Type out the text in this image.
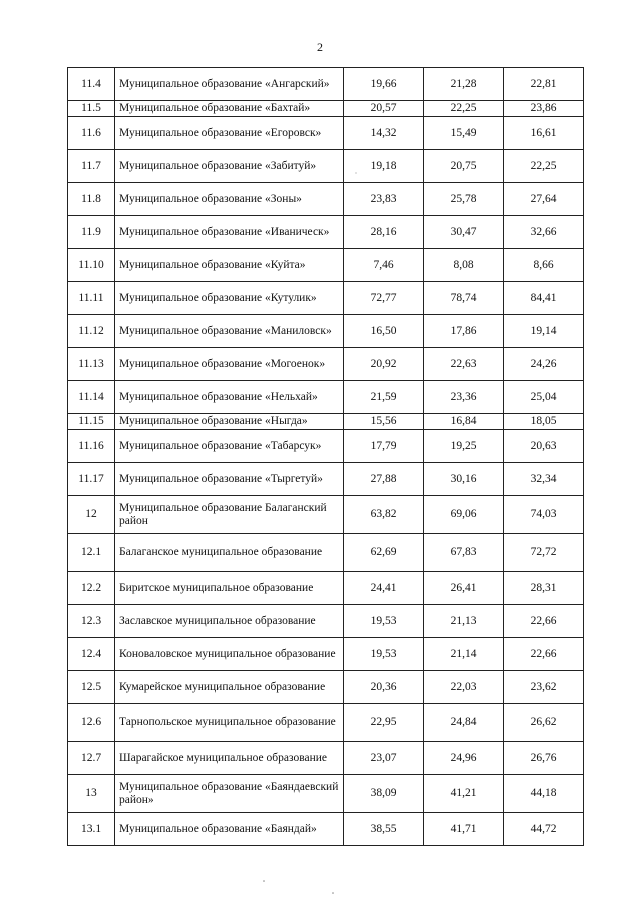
2
11.4	Муниципальное образование «Ангарский»	19,66	21,28	22,81
11.5	Муниципальное образование «Бахтай»	20,57	22,25	23,86
11.6	Муниципальное образование «Егоровск»	14,32	15,49	16,61
11.7	Муниципальное образование «Забитуй»	19,18	20,75	22,25
11.8	Муниципальное образование «Зоны»	23,83	25,78	27,64
11.9	Муниципальное образование «Иваническ»	28,16	30,47	32,66
11.10	Муниципальное образование «Куйта»	7,46	8,08	8,66
11.11	Муниципальное образование «Кутулик»	72,77	78,74	84,41
11.12	Муниципальное образование «Маниловск»	16,50	17,86	19,14
11.13	Муниципальное образование «Могоенок»	20,92	22,63	24,26
11.14	Муниципальное образование «Нельхай»	21,59	23,36	25,04
11.15	Муниципальное образование «Ныгда»	15,56	16,84	18,05
11.16	Муниципальное образование «Табарсук»	17,79	19,25	20,63
11.17	Муниципальное образование «Тыргетуй»	27,88	30,16	32,34
12	Муниципальное образование Балаганский район	63,82	69,06	74,03
12.1	Балаганское муниципальное образование	62,69	67,83	72,72
12.2	Биритское муниципальное образование	24,41	26,41	28,31
12.3	Заславское муниципальное образование	19,53	21,13	22,66
12.4	Коноваловское муниципальное образование	19,53	21,14	22,66
12.5	Кумарейское муниципальное образование	20,36	22,03	23,62
12.6	Тарнопольское муниципальное образование	22,95	24,84	26,62
12.7	Шарагайское муниципальное образование	23,07	24,96	26,76
13	Муниципальное образование «Баяндаевский район»	38,09	41,21	44,18
13.1	Муниципальное образование «Баяндай»	38,55	41,71	44,72
